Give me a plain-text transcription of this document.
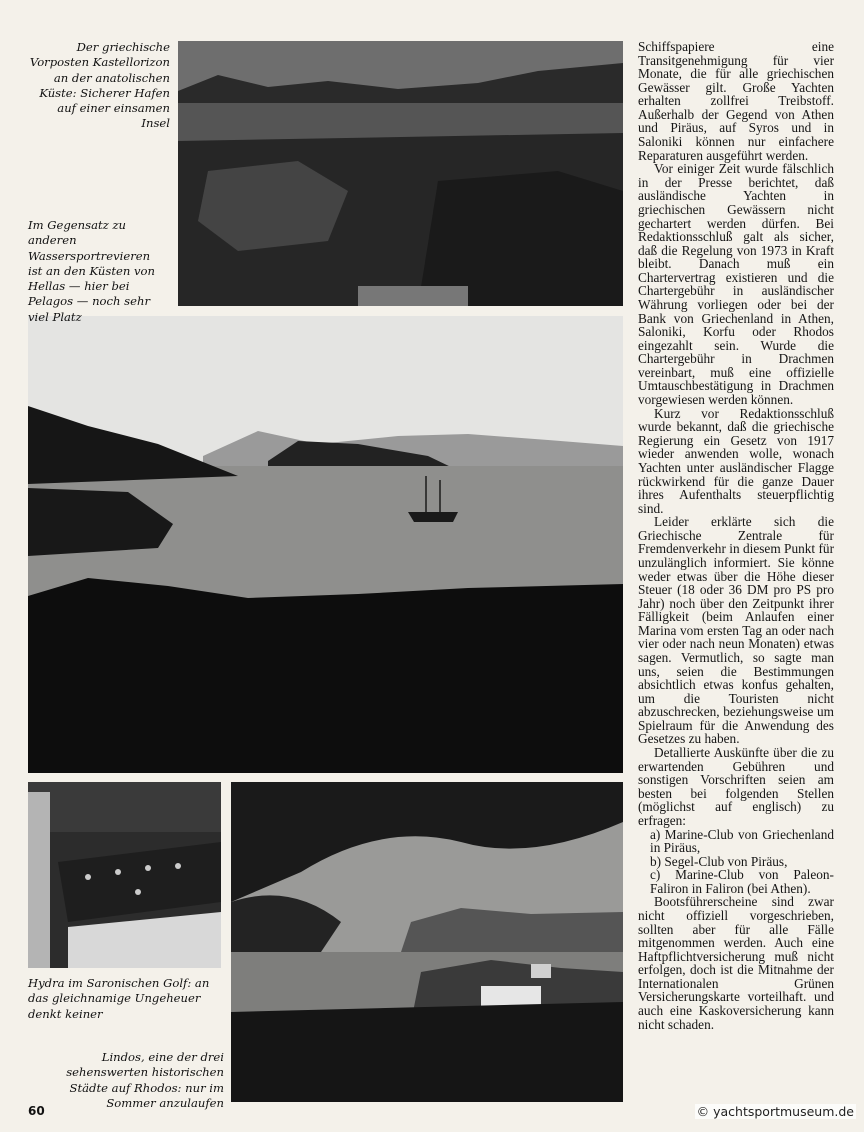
Der griechische Vorposten Kastellorizon an der anatolischen Küste: Sicherer Hafen auf einer einsamen Insel
Im Gegensatz zu anderen Wassersportrevieren ist an den Küsten von Hellas — hier bei Pelagos — noch sehr viel Platz
Hydra im Saronischen Golf: an das gleichnamige Ungeheuer denkt keiner
Lindos, eine der drei sehenswerten historischen Städte auf Rhodos: nur im Sommer anzulaufen

Schiffspapiere eine Transitgenehmigung für vier Monate, die für alle griechischen Gewässer gilt. Große Yachten erhalten zollfrei Treibstoff. Außerhalb der Gegend von Athen und Piräus, auf Syros und in Saloniki können nur einfachere Reparaturen ausgeführt werden.

Vor einiger Zeit wurde fälschlich in der Presse berichtet, daß ausländische Yachten in griechischen Gewässern nicht gechartert werden dürfen. Bei Redaktionsschluß galt als sicher, daß die Regelung von 1973 in Kraft bleibt. Danach muß ein Chartervertrag existieren und die Chartergebühr in ausländischer Währung vorliegen oder bei der Bank von Griechenland in Athen, Saloniki, Korfu oder Rhodos eingezahlt sein. Wurde die Chartergebühr in Drachmen vereinbart, muß eine offizielle Umtauschbestätigung in Drachmen vorgewiesen werden können.

Kurz vor Redaktionsschluß wurde bekannt, daß die griechische Regierung ein Gesetz von 1917 wieder anwenden wolle, wonach Yachten unter ausländischer Flagge rückwirkend für die ganze Dauer ihres Aufenthalts steuerpflichtig sind.

Leider erklärte sich die Griechische Zentrale für Fremdenverkehr in diesem Punkt für unzulänglich informiert. Sie könne weder etwas über die Höhe dieser Steuer (18 oder 36 DM pro PS pro Jahr) noch über den Zeitpunkt ihrer Fälligkeit (beim Anlaufen einer Marina vom ersten Tag an oder nach vier oder nach neun Monaten) etwas sagen. Vermutlich, so sagte man uns, seien die Bestimmungen absichtlich etwas konfus gehalten, um die Touristen nicht abzuschrecken, beziehungsweise um Spielraum für die Anwendung des Gesetzes zu haben.

Detallierte Auskünfte über die zu erwartenden Gebühren und sonstigen Vorschriften seien am besten bei folgenden Stellen (möglichst auf englisch) zu erfragen:

a) Marine-Club von Griechenland in Piräus,

b) Segel-Club von Piräus,

c) Marine-Club von Paleon-Faliron in Faliron (bei Athen).

Bootsführerscheine sind zwar nicht offiziell vorgeschrieben, sollten aber für alle Fälle mitgenommen werden. Auch eine Haftpflichtversicherung muß nicht erfolgen, doch ist die Mitnahme der Internationalen Grünen Versicherungskarte vorteilhaft. und auch eine Kaskoversicherung kann nicht schaden.

60	© yachtsportmuseum.de
